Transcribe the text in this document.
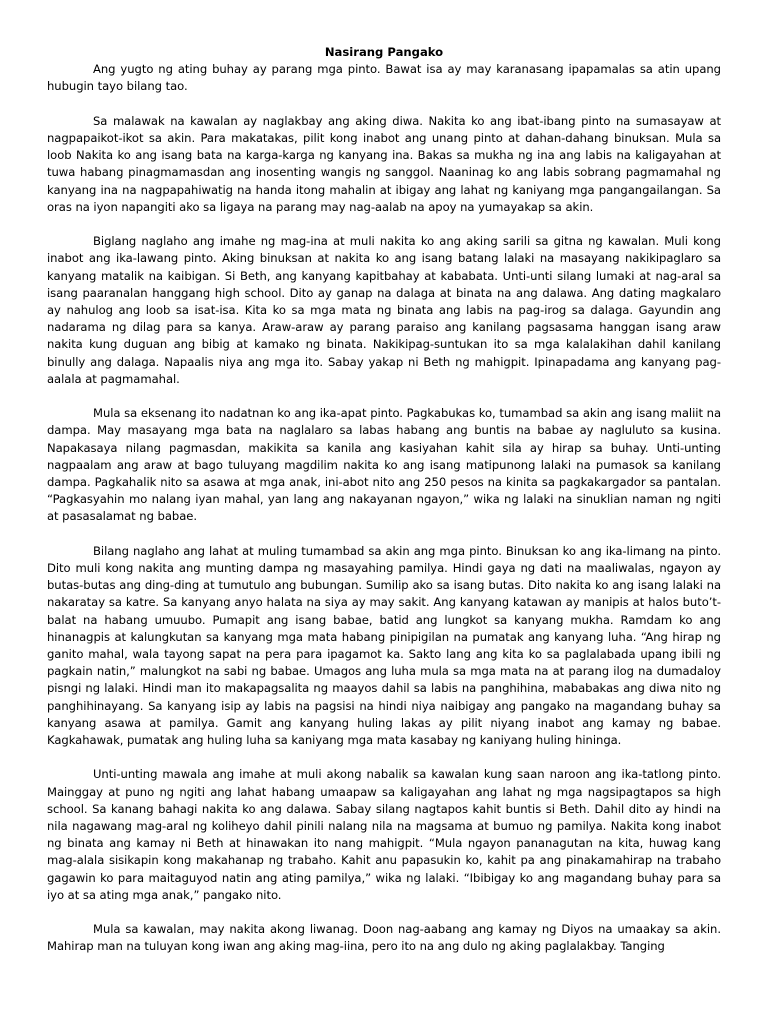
Nasirang Pangako

Ang yugto ng ating buhay ay parang mga pinto. Bawat isa ay may karanasang ipapamalas sa atin upang hubugin tayo bilang tao.

Sa malawak na kawalan ay naglakbay ang aking diwa. Nakita ko ang ibat-ibang pinto na sumasayaw at nagpapaikot-ikot sa akin. Para makatakas, pilit kong inabot ang unang pinto at dahan-dahang binuksan. Mula sa loob Nakita ko ang isang bata na karga-karga ng kanyang ina. Bakas sa mukha ng ina ang labis na kaligayahan at tuwa habang pinagmamasdan ang inosenting wangis ng sanggol. Naaninag ko ang labis sobrang pagmamahal ng kanyang ina na nagpapahiwatig na handa itong mahalin at ibigay ang lahat ng kaniyang mga pangangailangan. Sa oras na iyon napangiti ako sa ligaya na parang may nag-aalab na apoy na yumayakap sa akin.

Biglang naglaho ang imahe ng mag-ina at muli nakita ko ang aking sarili sa gitna ng kawalan. Muli kong inabot ang ika-lawang pinto. Aking binuksan at nakita ko ang isang batang lalaki na masayang nakikipaglaro sa kanyang matalik na kaibigan. Si Beth, ang kanyang kapitbahay at kababata. Unti-unti silang lumaki at nag-aral sa isang paaranalan hanggang high school. Dito ay ganap na dalaga at binata na ang dalawa. Ang dating magkalaro ay nahulog ang loob sa isat-isa. Kita ko sa mga mata ng binata ang labis na pag-irog sa dalaga. Gayundin ang nadarama ng dilag para sa kanya. Araw-araw ay parang paraiso ang kanilang pagsasama hanggan isang araw nakita kung duguan ang bibig at kamako ng binata. Nakikipag-suntukan ito sa mga kalalakihan dahil kanilang binully ang dalaga. Napaalis niya ang mga ito. Sabay yakap ni Beth ng mahigpit. Ipinapadama ang kanyang pag-aalala at pagmamahal.

Mula sa eksenang ito nadatnan ko ang ika-apat pinto. Pagkabukas ko, tumambad sa akin ang isang maliit na dampa. May masayang mga bata na naglalaro sa labas habang ang buntis na babae ay nagluluto sa kusina. Napakasaya nilang pagmasdan, makikita sa kanila ang kasiyahan kahit sila ay hirap sa buhay. Unti-unting nagpaalam ang araw at bago tuluyang magdilim nakita ko ang isang matipunong lalaki na pumasok sa kanilang dampa. Pagkahalik nito sa asawa at mga anak, ini-abot nito ang 250 pesos na kinita sa pagkakargador sa pantalan. “Pagkasyahin mo nalang iyan mahal, yan lang ang nakayanan ngayon,” wika ng lalaki na sinuklian naman ng ngiti at pasasalamat ng babae.

Bilang naglaho ang lahat at muling tumambad sa akin ang mga pinto. Binuksan ko ang ika-limang na pinto. Dito muli kong nakita ang munting dampa ng masayahing pamilya. Hindi gaya ng dati na maaliwalas, ngayon ay butas-butas ang ding-ding at tumutulo ang bubungan. Sumilip ako sa isang butas. Dito nakita ko ang isang lalaki na nakaratay sa katre. Sa kanyang anyo halata na siya ay may sakit. Ang kanyang katawan ay manipis at halos buto’t-balat na habang umuubo. Pumapit ang isang babae, batid ang lungkot sa kanyang mukha. Ramdam ko ang hinanagpis at kalungkutan sa kanyang mga mata habang pinipigilan na pumatak ang kanyang luha. “Ang hirap ng ganito mahal, wala tayong sapat na pera para ipagamot ka. Sakto lang ang kita ko sa paglalabada upang ibili ng pagkain natin,” malungkot na sabi ng babae. Umagos ang luha mula sa mga mata na at parang ilog na dumadaloy pisngi ng lalaki. Hindi man ito makapagsalita ng maayos dahil sa labis na panghihina, mababakas ang diwa nito ng panghihinayang. Sa kanyang isip ay labis na pagsisi na hindi niya naibigay ang pangako na magandang buhay sa kanyang asawa at pamilya. Gamit ang kanyang huling lakas ay pilit niyang inabot ang kamay ng babae. Kagkahawak, pumatak ang huling luha sa kaniyang mga mata kasabay ng kaniyang huling hininga.

Unti-unting mawala ang imahe at muli akong nabalik sa kawalan kung saan naroon ang ika-tatlong pinto. Mainggay at puno ng ngiti ang lahat habang umaapaw sa kaligayahan ang lahat ng mga nagsipagtapos sa high school. Sa kanang bahagi nakita ko ang dalawa. Sabay silang nagtapos kahit buntis si Beth. Dahil dito ay hindi na nila nagawang mag-aral ng koliheyo dahil pinili nalang nila na magsama at bumuo ng pamilya. Nakita kong inabot ng binata ang kamay ni Beth at hinawakan ito nang mahigpit. “Mula ngayon pananagutan na kita, huwag kang mag-alala sisikapin kong makahanap ng trabaho. Kahit anu papasukin ko, kahit pa ang pinakamahirap na trabaho gagawin ko para maitaguyod natin ang ating pamilya,” wika ng lalaki. “Ibibigay ko ang magandang buhay para sa iyo at sa ating mga anak,” pangako nito.

Mula sa kawalan, may nakita akong liwanag. Doon nag-aabang ang kamay ng Diyos na umaakay sa akin. Mahirap man na tuluyan kong iwan ang aking mag-iina, pero ito na ang dulo ng aking paglalakbay. Tanging
